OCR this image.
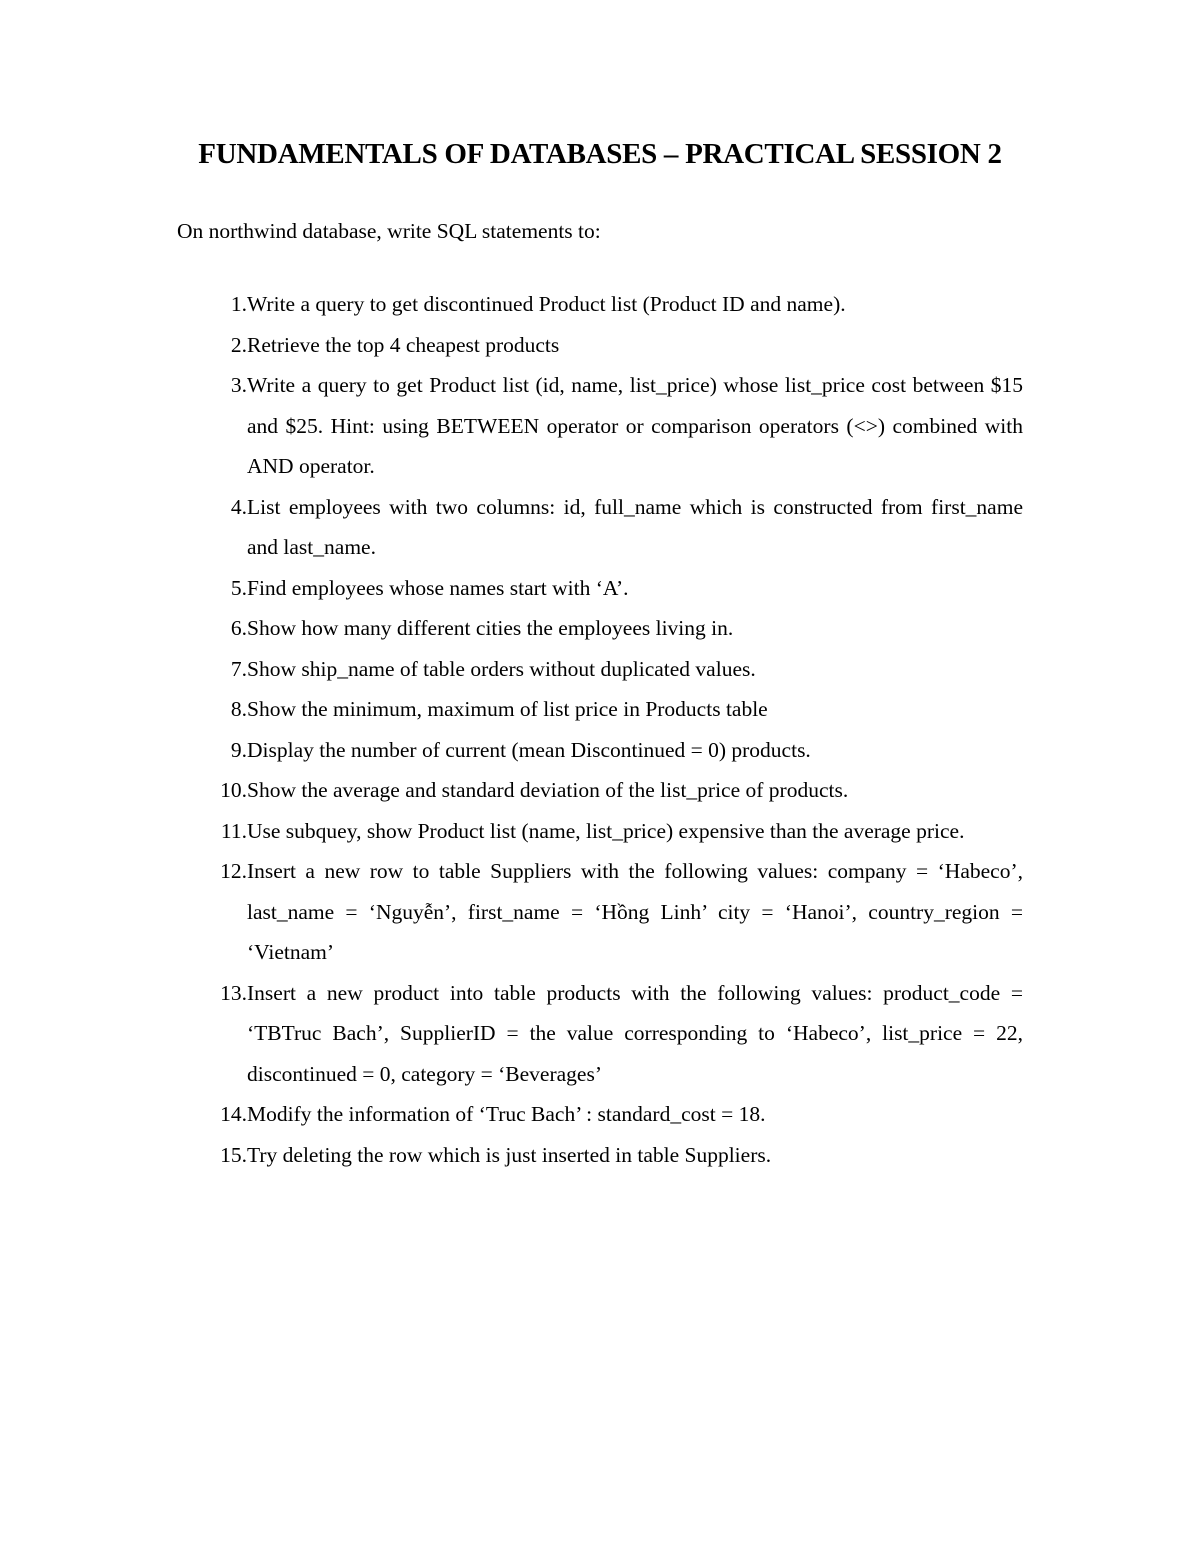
FUNDAMENTALS OF DATABASES – PRACTICAL SESSION 2

On northwind database, write SQL statements to:

1. Write a query to get discontinued Product list (Product ID and name).
2. Retrieve the top 4 cheapest products
3. Write a query to get Product list (id, name, list_price) whose list_price cost between $15 and $25. Hint: using BETWEEN operator or comparison operators (<>) combined with AND operator.
4. List employees with two columns: id, full_name which is constructed from first_name and last_name.
5. Find employees whose names start with ‘A’.
6. Show how many different cities the employees living in.
7. Show ship_name of table orders without duplicated values.
8. Show the minimum, maximum of list price in Products table
9. Display the number of current (mean Discontinued = 0) products.
10. Show the average and standard deviation of the list_price of products.
11. Use subquey, show Product list (name, list_price) expensive than the average price.
12. Insert a new row to table Suppliers with the following values: company = ‘Habeco’, last_name = ‘Nguyễn’, first_name = ‘Hồng Linh’ city = ‘Hanoi’, country_region = ‘Vietnam’
13. Insert a new product into table products with the following values: product_code = ‘TBTruc Bach’, SupplierID = the value corresponding to ‘Habeco’, list_price = 22, discontinued = 0, category = ‘Beverages’
14. Modify the information of ‘Truc Bach’ : standard_cost = 18.
15. Try deleting the row which is just inserted in table Suppliers.
